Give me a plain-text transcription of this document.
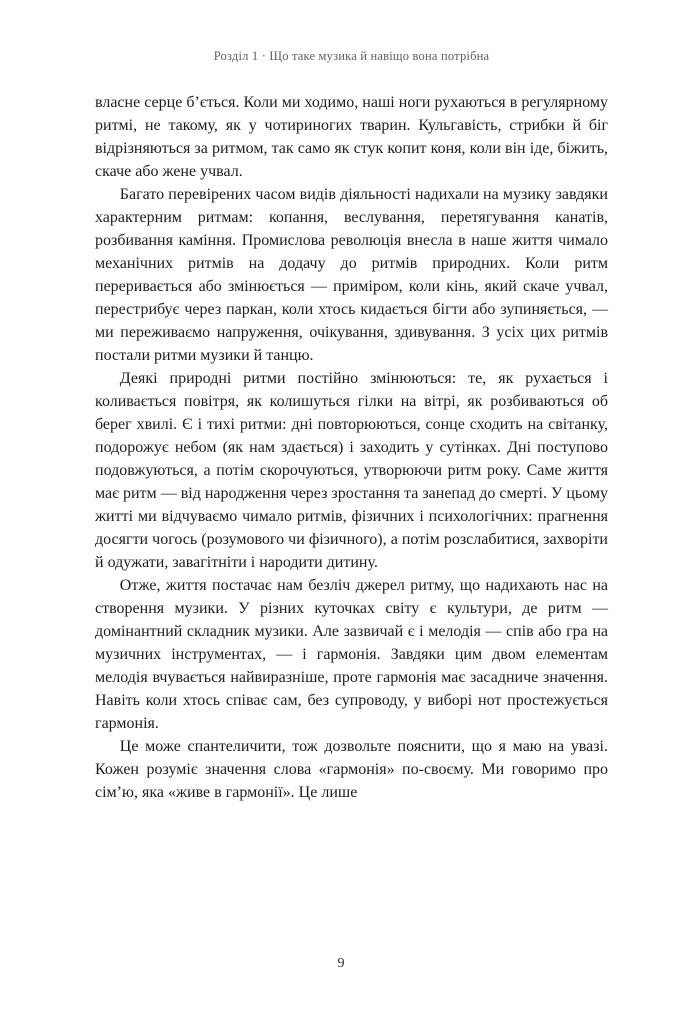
Розділ 1 · Що таке музика й навіщо вона потрібна

власне серце б’ється. Коли ми ходимо, наші ноги рухаються в регулярному ритмі, не такому, як у чотириногих тварин. Кульгавість, стрибки й біг відрізняються за ритмом, так само як стук копит коня, коли він іде, біжить, скаче або жене учвал.

Багато перевірених часом видів діяльності надихали на музику завдяки характерним ритмам: копання, веслування, перетягування канатів, розбивання каміння. Промислова революція внесла в наше життя чимало механічних ритмів на додачу до ритмів природних. Коли ритм переривається або змінюється — приміром, коли кінь, який скаче учвал, перестрибує через паркан, коли хтось кидається бігти або зупиняється, — ми переживаємо напруження, очікування, здивування. З усіх цих ритмів постали ритми музики й танцю.

Деякі природні ритми постійно змінюються: те, як рухається і коливається повітря, як колишуться гілки на вітрі, як розбиваються об берег хвилі. Є і тихі ритми: дні повторюються, сонце сходить на світанку, подорожує небом (як нам здається) і заходить у сутінках. Дні поступово подовжуються, а потім скорочуються, утворюючи ритм року. Саме життя має ритм — від народження через зростання та занепад до смерті. У цьому житті ми відчуваємо чимало ритмів, фізичних і психологічних: прагнення досягти чогось (розумового чи фізичного), а потім розслабитися, захворіти й одужати, завагітніти і народити дитину.

Отже, життя постачає нам безліч джерел ритму, що надихають нас на створення музики. У різних куточках світу є культури, де ритм — домінантний складник музики. Але зазвичай є і мелодія — спів або гра на музичних інструментах, — і гармонія. Завдяки цим двом елементам мелодія вчувається найвиразніше, проте гармонія має засадниче значення. Навіть коли хтось співає сам, без супроводу, у виборі нот простежується гармонія.

Це може спантеличити, тож дозвольте пояснити, що я маю на увазі. Кожен розуміє значення слова «гармонія» по-своєму. Ми говоримо про сім’ю, яка «живе в гармонії». Це лише

9
